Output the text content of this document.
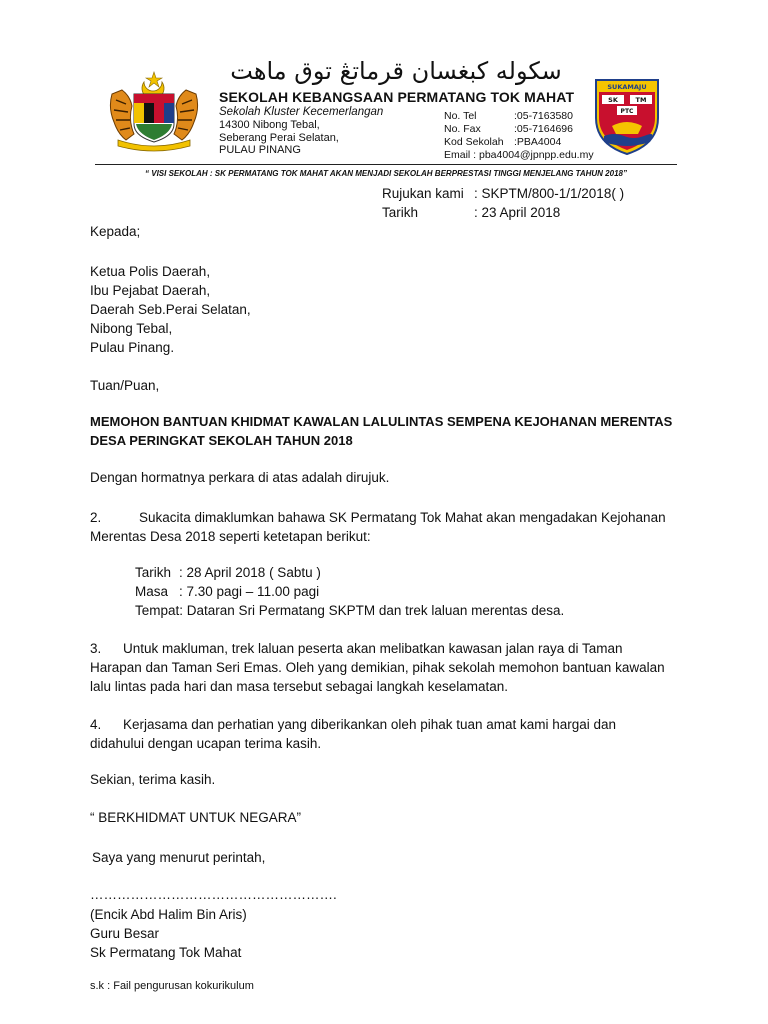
سکوله کبغسان قرماتڠ توق ماهت
SEKOLAH KEBANGSAAN PERMATANG TOK MAHAT
Sekolah Kluster Kecemerlangan
14300 Nibong Tebal,
Seberang Perai Selatan,
PULAU PINANG
No. Tel	:05-7163580
No. Fax	:05-7164696
Kod Sekolah :PBA4004
Email : pba4004@jpnpp.edu.my
SUKAMAJU
SK	TM
PTC
“ VISI SEKOLAH : SK PERMATANG TOK MAHAT AKAN MENJADI SEKOLAH BERPRESTASI TINGGI MENJELANG TAHUN 2018”
Rujukan kami : SKPTM/800-1/1/2018( )
Tarikh	: 23 April 2018
Kepada;
Ketua Polis Daerah,
Ibu Pejabat Daerah,
Daerah Seb.Perai Selatan,
Nibong Tebal,
Pulau Pinang.
Tuan/Puan,
MEMOHON BANTUAN KHIDMAT KAWALAN LALULINTAS SEMPENA KEJOHANAN MERENTAS
DESA PERINGKAT SEKOLAH TAHUN 2018
Dengan hormatnya perkara di atas adalah dirujuk.
2.	Sukacita dimaklumkan bahawa SK Permatang Tok Mahat akan mengadakan Kejohanan
Merentas Desa 2018 seperti ketetapan berikut:
Tarikh : 28 April 2018 ( Sabtu )
Masa : 7.30 pagi – 11.00 pagi
Tempat: Dataran Sri Permatang SKPTM dan trek laluan merentas desa.
3. Untuk makluman, trek laluan peserta akan melibatkan kawasan jalan raya di Taman
Harapan dan Taman Seri Emas. Oleh yang demikian, pihak sekolah memohon bantuan kawalan
lalu lintas pada hari dan masa tersebut sebagai langkah keselamatan.
4. Kerjasama dan perhatian yang diberikankan oleh pihak tuan amat kami hargai dan
didahului dengan ucapan terima kasih.
Sekian, terima kasih.
“ BERKHIDMAT UNTUK NEGARA”
Saya yang menurut perintah,
……………………………………………….
(Encik Abd Halim Bin Aris)
Guru Besar
Sk Permatang Tok Mahat
s.k : Fail pengurusan kokurikulum
